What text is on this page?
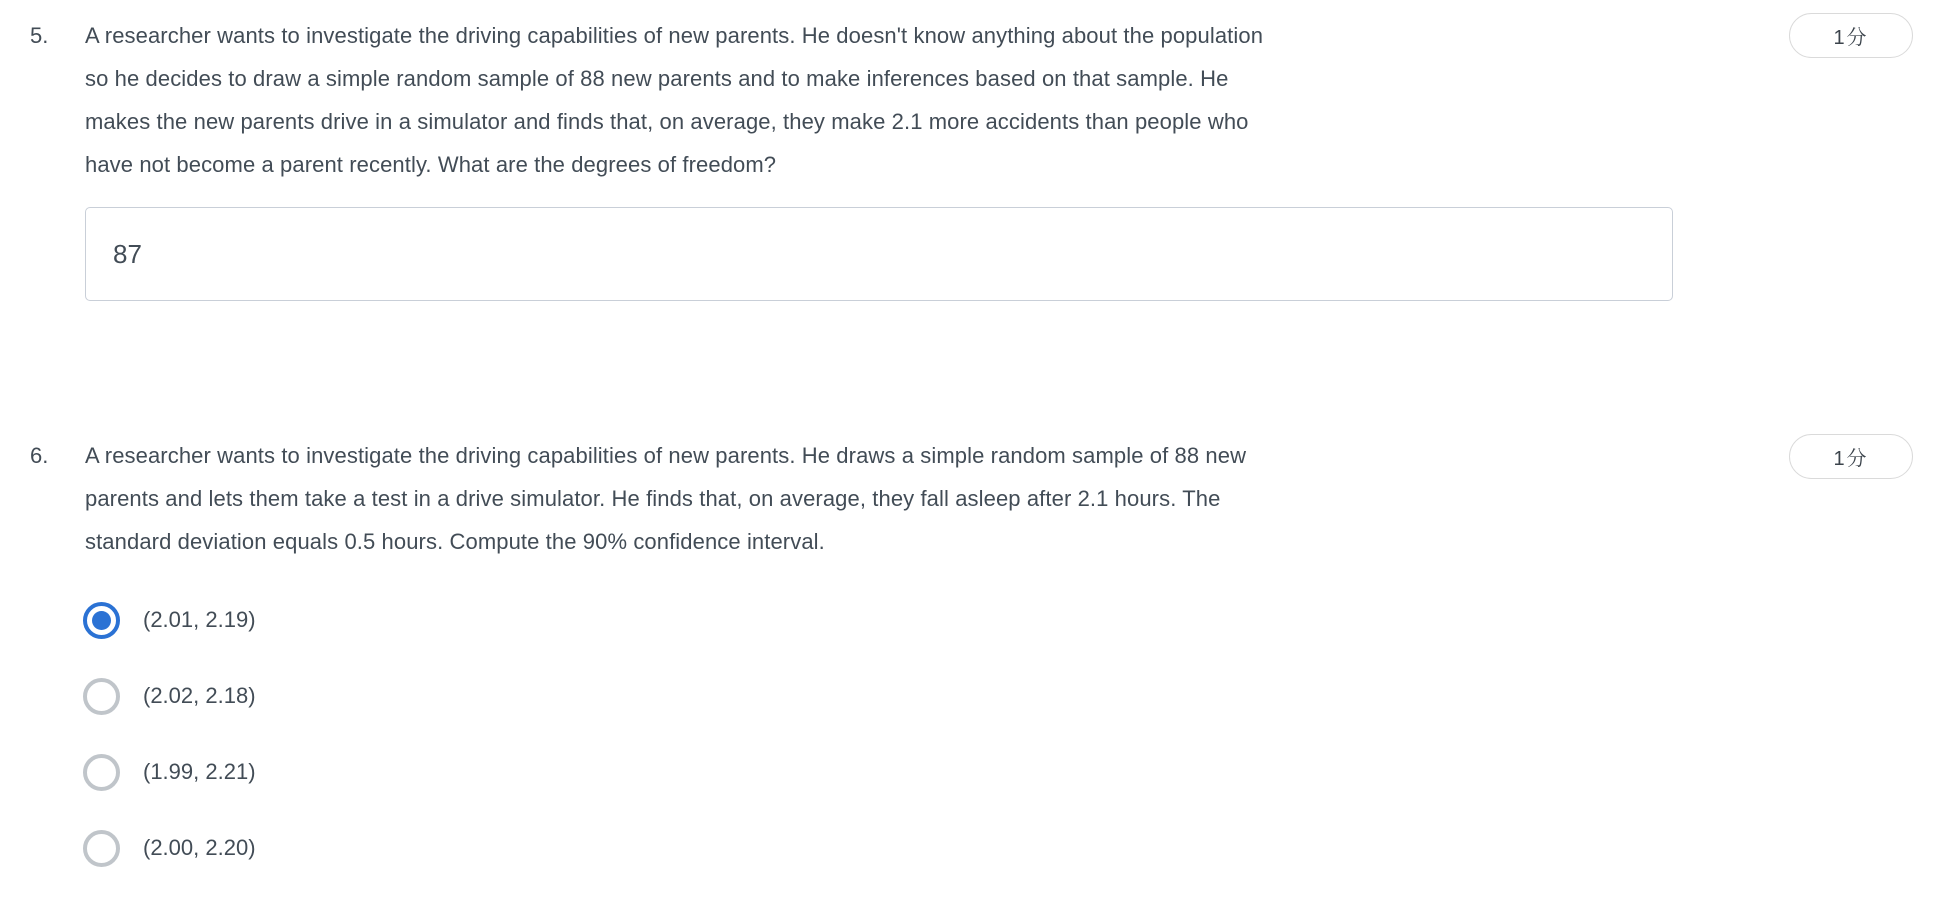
5.	A researcher wants to investigate the driving capabilities of new parents. He doesn't know anything about the population
so he decides to draw a simple random sample of 88 new parents and to make inferences based on that sample. He
makes the new parents drive in a simulator and finds that, on average, they make 2.1 more accidents than people who
have not become a parent recently. What are the degrees of freedom?
1分
87
6.	A researcher wants to investigate the driving capabilities of new parents. He draws a simple random sample of 88 new
parents and lets them take a test in a drive simulator. He finds that, on average, they fall asleep after 2.1 hours. The
standard deviation equals 0.5 hours. Compute the 90% confidence interval.
1分
(2.01, 2.19)
(2.02, 2.18)
(1.99, 2.21)
(2.00, 2.20)
